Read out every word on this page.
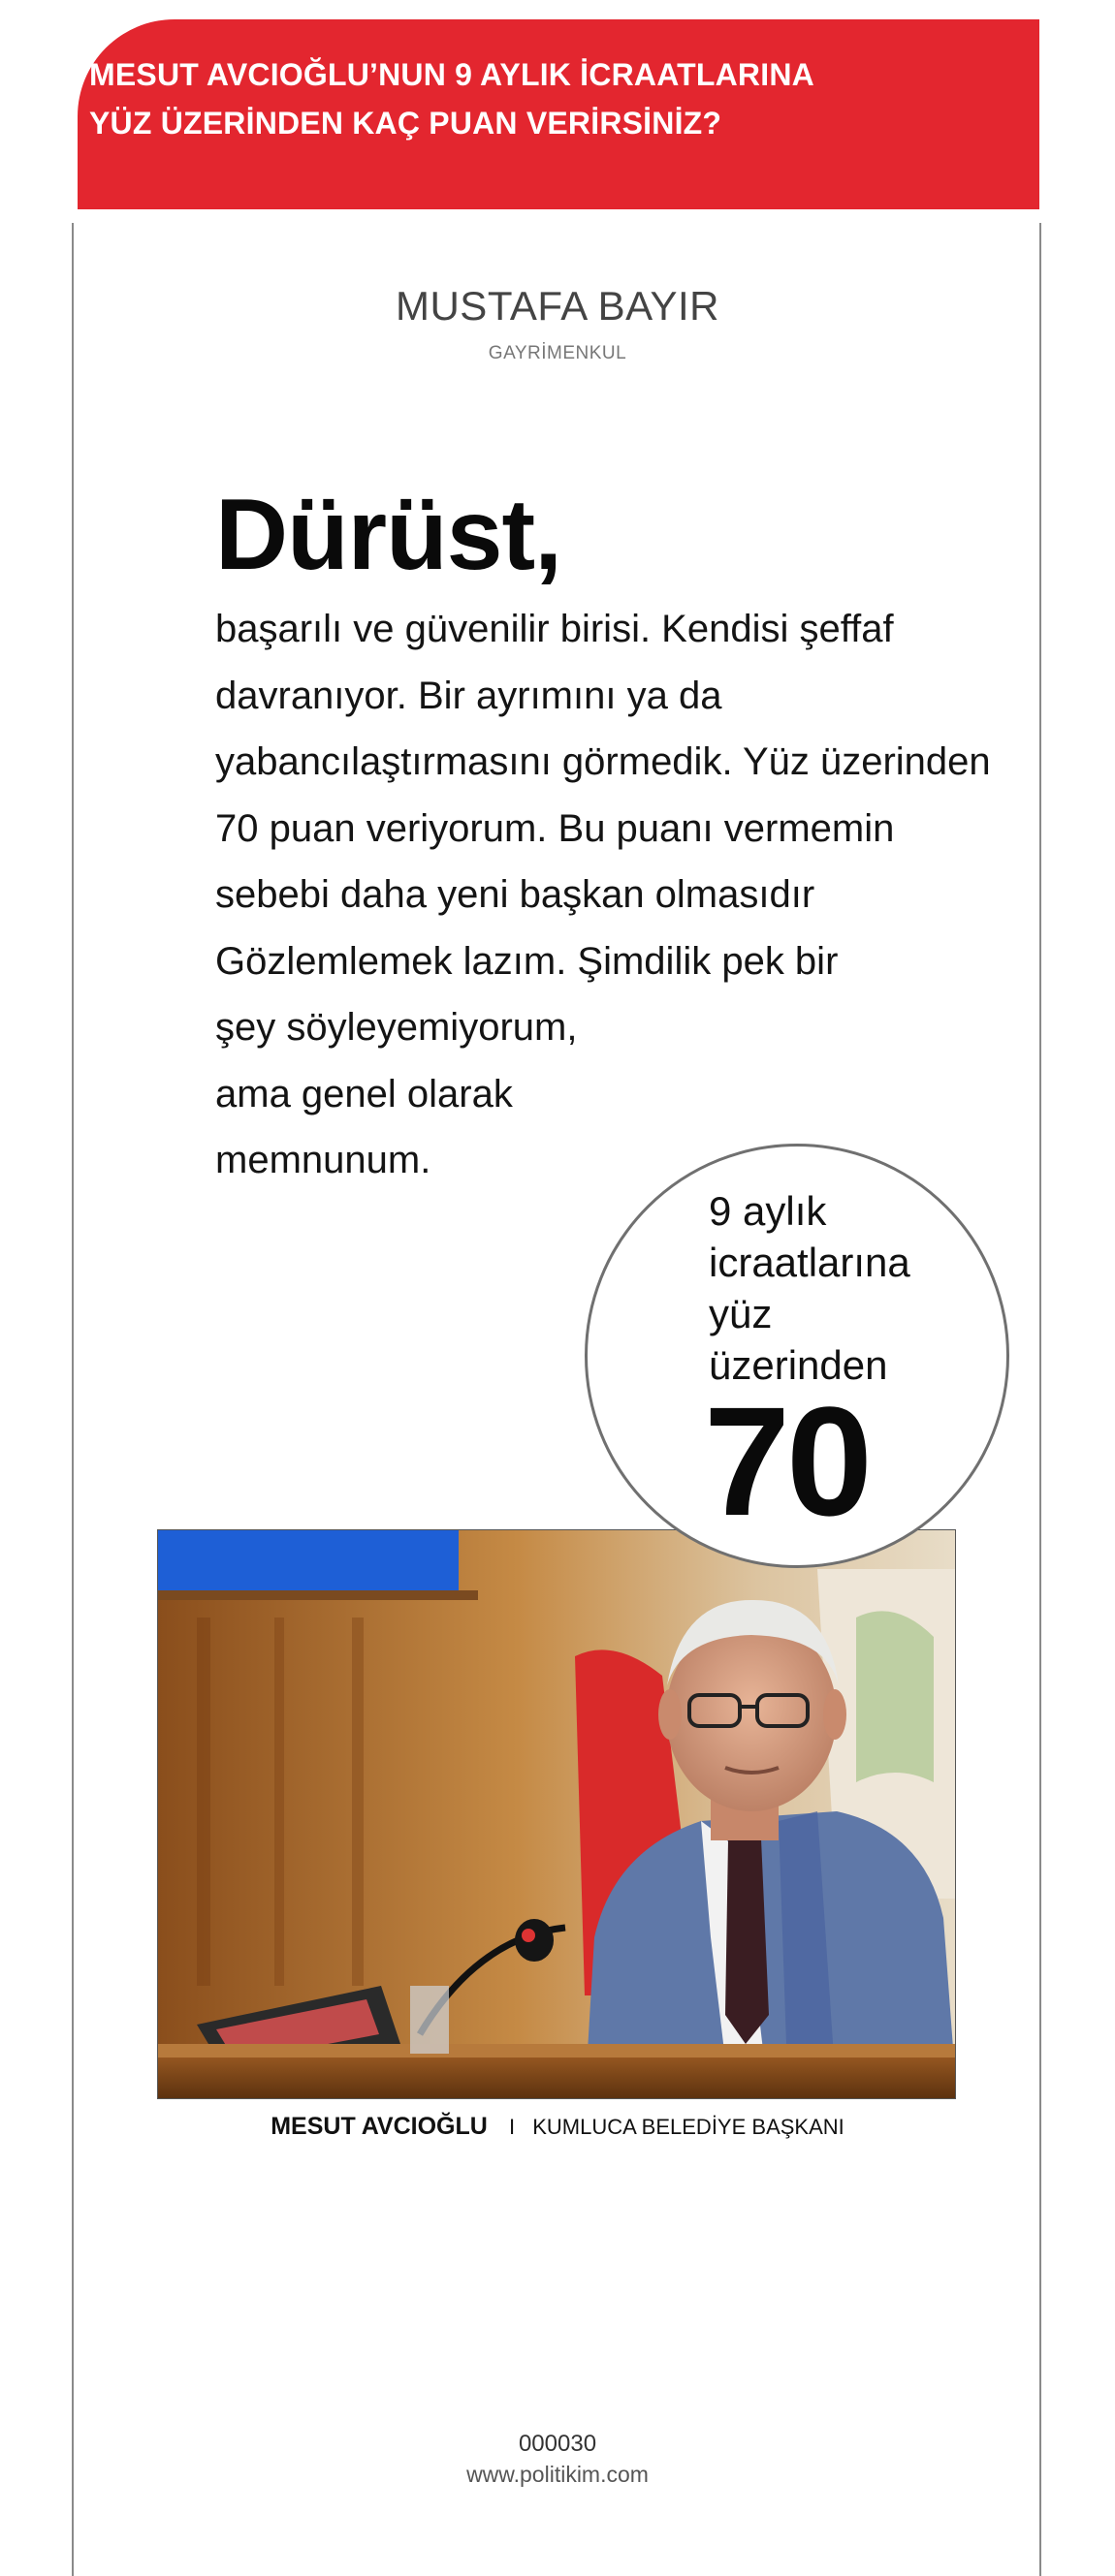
MESUT AVCIOĞLU’NUN 9 AYLIK İCRAATLARINA
YÜZ ÜZERİNDEN KAÇ PUAN VERİRSİNİZ?
MUSTAFA BAYIR
GAYRİMENKUL
Dürüst,
başarılı ve güvenilir birisi. Kendisi şeffaf
davranıyor. Bir ayrımını ya da
yabancılaştırmasını görmedik. Yüz üzerinden
70 puan veriyorum. Bu puanı vermemin
sebebi daha yeni başkan olmasıdır
Gözlemlemek lazım. Şimdilik pek bir
şey söyleyemiyorum,
ama genel olarak
memnunum.
9 aylık
icraatlarına
yüz
üzerinden
70
MESUT AVCIOĞLU I KUMLUCA BELEDİYE BAŞKANI
000030
www.politikim.com
